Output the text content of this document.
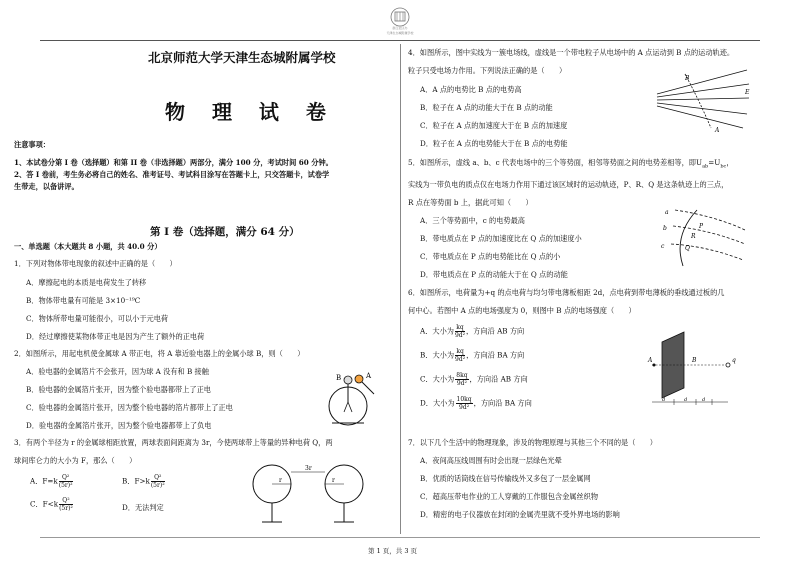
浙江社区办
天津生态城附属学校
北京师范大学天津生态城附属学校
物 理 试 卷
注意事项：
1、本试卷分第 I 卷（选择题）和第 II 卷（非选择题）两部分，满分 100 分，考试时间 60 分钟。
2、答 I 卷前，考生务必将自己的姓名、准考证号、考试科目涂写在答题卡上，只交答题卡，试卷学
生带走，以备讲评。
第 I 卷（选择题，满分 64 分）
一、单选题（本大题共 8 小题，共 40.0 分）
1．下列对物体带电现象的叙述中正确的是（　　）
A．摩擦起电的本质是电荷发生了转移
B．物体带电量有可能是 3×10⁻¹⁹C
C．物体所带电量可能很小，可以小于元电荷
D．经过摩擦使某物体带正电是因为产生了额外的正电荷
2．如图所示，用起电机使金属球 A 带正电，将 A 靠近验电器上的金属小球 B，则（　　）
A．验电器的金属箔片不会张开，因为球 A 没有和 B 接触
B．验电器的金属箔片张开，因为整个验电器都带上了正电
C．验电器的金属箔片张开，因为整个验电器的箔片都带上了正电
D．验电器的金属箔片张开，因为整个验电器都带上了负电
B	A
3．有两个半径为 r 的金属球相距放置，两球表面间距离为 3r，今使两球带上等量的异种电荷 Q，两
球间库仑力的大小为 F，那么（　　）
A．$F=k \frac{\text{Q²}}{\text{(5r)²}}$	B．$F>k \frac{\text{Q²}}{\text{(5r)²}}$
C．$F<k \frac{\text{Q²}}{\text{(5r)²}}$	D．无法判定
3r
r	r
4．如图所示，图中实线为一簇电场线，虚线是一个带电粒子从电场中的 A 点运动到 B 点的运动轨迹。
粒子只受电场力作用。下列说法正确的是（　　）
A．A 点的电势比 B 点的电势高
B．粒子在 A 点的动能大于在 B 点的动能
C．粒子在 A 点的加速度大于在 B 点的加速度
D．粒子在 A 点的电势能大于在 B 点的电势能
B
E
A
5．如图所示，虚线 a、b、c 代表电场中的三个等势面，相邻等势面之间的电势差相等，即$U_{ab}=U_{bc}$，
实线为一带负电的质点仅在电场力作用下通过该区域时的运动轨迹，P、R、Q 是这条轨迹上的三点，
R 点在等势面 b 上，据此可知（　　）
A．三个等势面中，c 的电势最高
B．带电质点在 P 点的加速度比在 Q 点的加速度小
C．带电质点在 P 点的电势能比在 Q 点的小
D．带电质点在 P 点的动能大于在 Q 点的动能
a
b
c
P
R
Q
6．如图所示，电荷量为+q 的点电荷与均匀带电薄板相距 2d，点电荷到带电薄板的垂线通过板的几
何中心。若图中 A 点的电场强度为 0，则图中 B 点的电场强度（　　）
A．大小为 $\frac{kq}{\text{9d²}}$ ，方向沿 AB 方向
B．大小为 $\frac{kq}{\text{9d²}}$ ，方向沿 BA 方向
C．大小为 $\frac{8kq}{\text{9d²}}$ ，方向沿 AB 方向
D．大小为 $\frac{10kq}{\text{9d²}}$ ，方向沿 BA 方向
A	B	q
d	d	d
7．以下几个生活中的物理现象，涉及的物理原理与其他三个不同的是（　　）
A．夜间高压线周围有时会出现一层绿色光晕
B．优质的话筒线在信号传输线外又多包了一层金属网
C．超高压带电作业的工人穿戴的工作服包含金属丝织物
D．精密的电子仪器放在封闭的金属壳里就不受外界电场的影响
第 1 页，共 3 页
